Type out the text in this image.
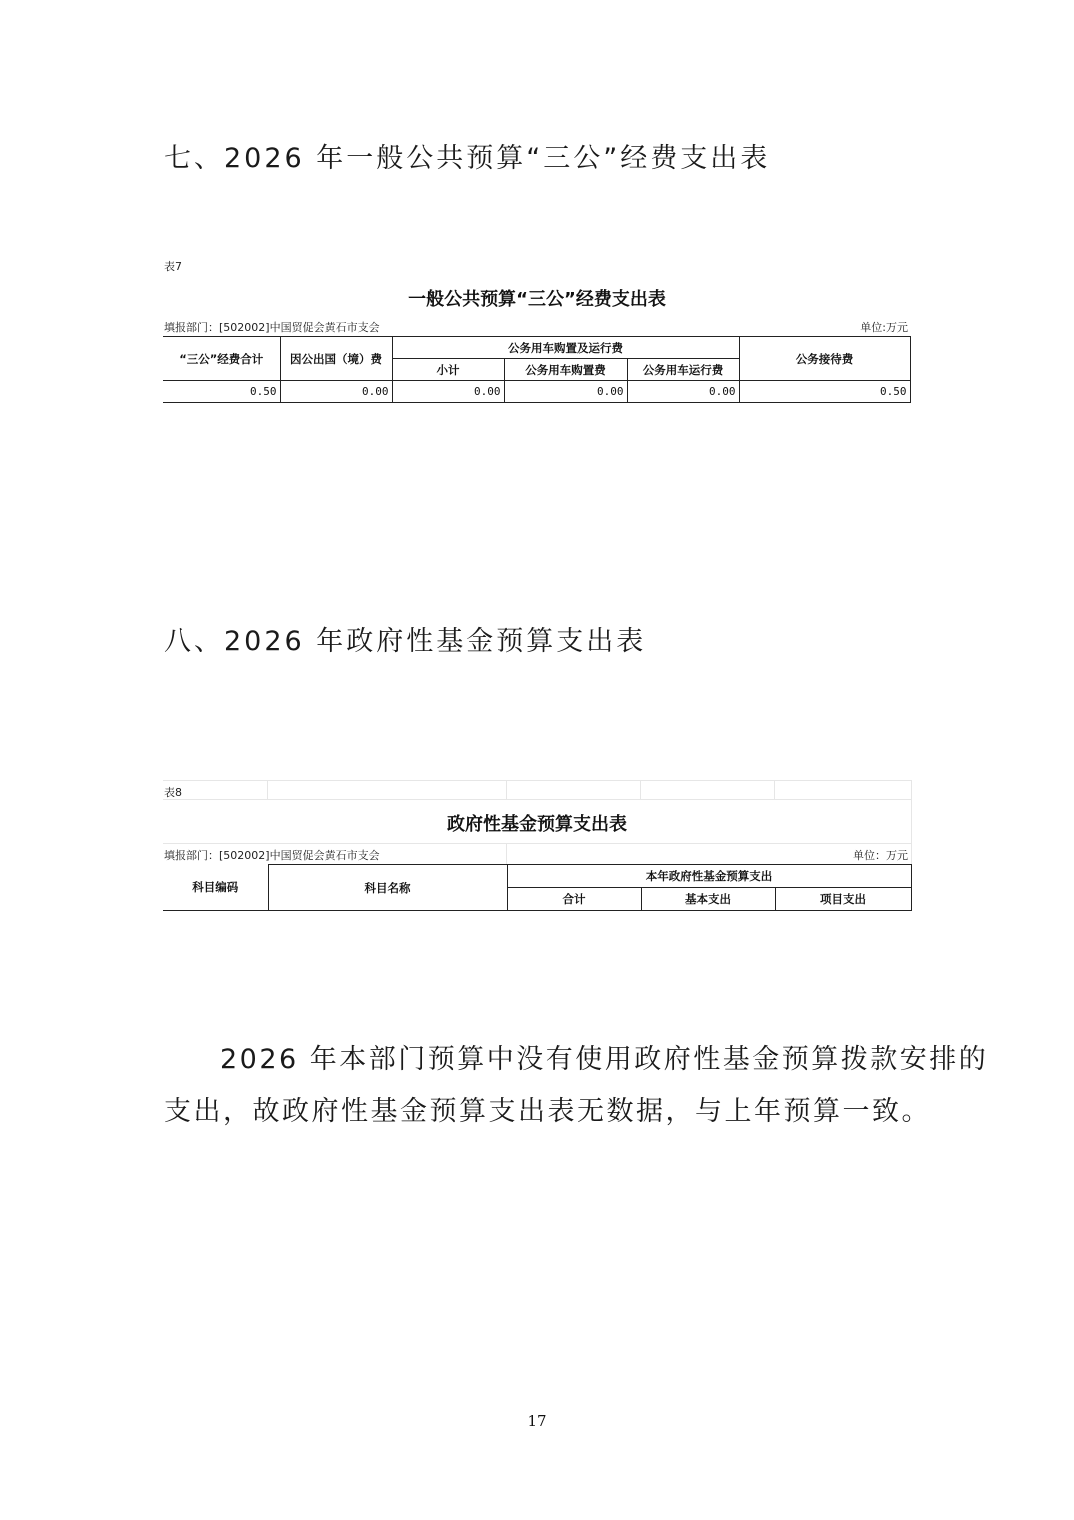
七、2026 年一般公共预算“三公”经费支出表
表7
一般公共预算“三公”经费支出表
填报部门：[502002]中国贸促会黄石市支会	单位:万元
“三公”经费合计	因公出国（境）费	公务用车购置及运行费			公务接待费
		小计	公务用车购置费	公务用车运行费	
0.50	0.00	0.00	0.00	0.00	0.50
八、2026 年政府性基金预算支出表
表8
政府性基金预算支出表
填报部门：[502002]中国贸促会黄石市支会	单位：万元
科目编码	科目名称	本年政府性基金预算支出		
		合计	基本支出	项目支出
2026 年本部门预算中没有使用政府性基金预算拨款安排的支出，故政府性基金预算支出表无数据，与上年预算一致。
17
